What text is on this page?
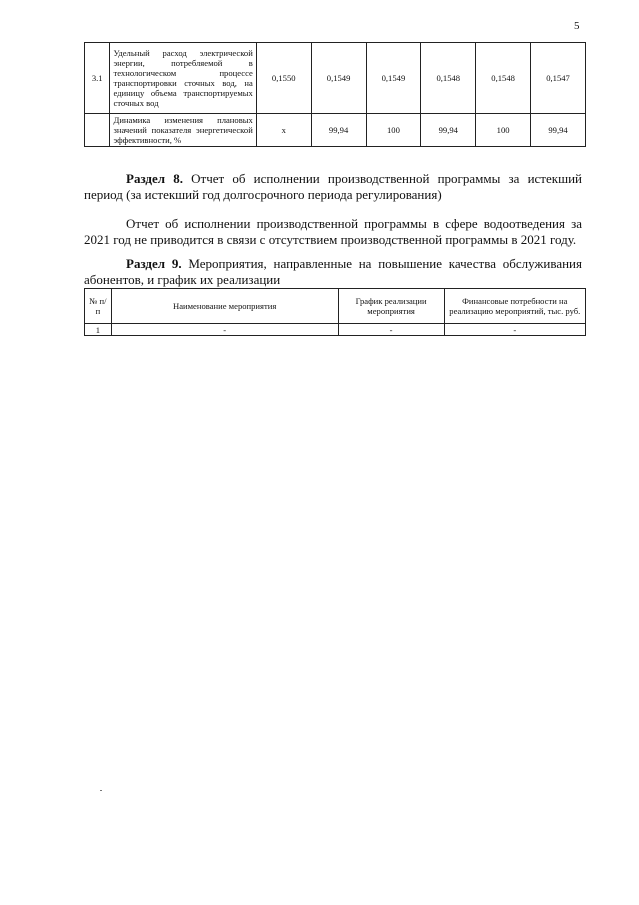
5
3.1	Удельный расход электрической энергии, потребляемой в технологическом процессе транспортировки сточных вод, на единицу объема транспортируемых сточных вод	0,1550	0,1549	0,1549	0,1548	0,1548	0,1547
	Динамика изменения плановых значений показателя энергетической эффективности, %	х	99,94	100	99,94	100	99,94

Раздел 8. Отчет об исполнении производственной программы за истекший период (за истекший год долгосрочного периода регулирования)

Отчет об исполнении производственной программы в сфере водоотведения за 2021 год не приводится в связи с отсутствием производственной программы в 2021 году.

Раздел 9. Мероприятия, направленные на повышение качества обслуживания абонентов, и график их реализации

№ п/п	Наименование мероприятия	График реализации мероприятия	Финансовые потребности на реализацию мероприятий, тыс. руб.
1	-	-	-
